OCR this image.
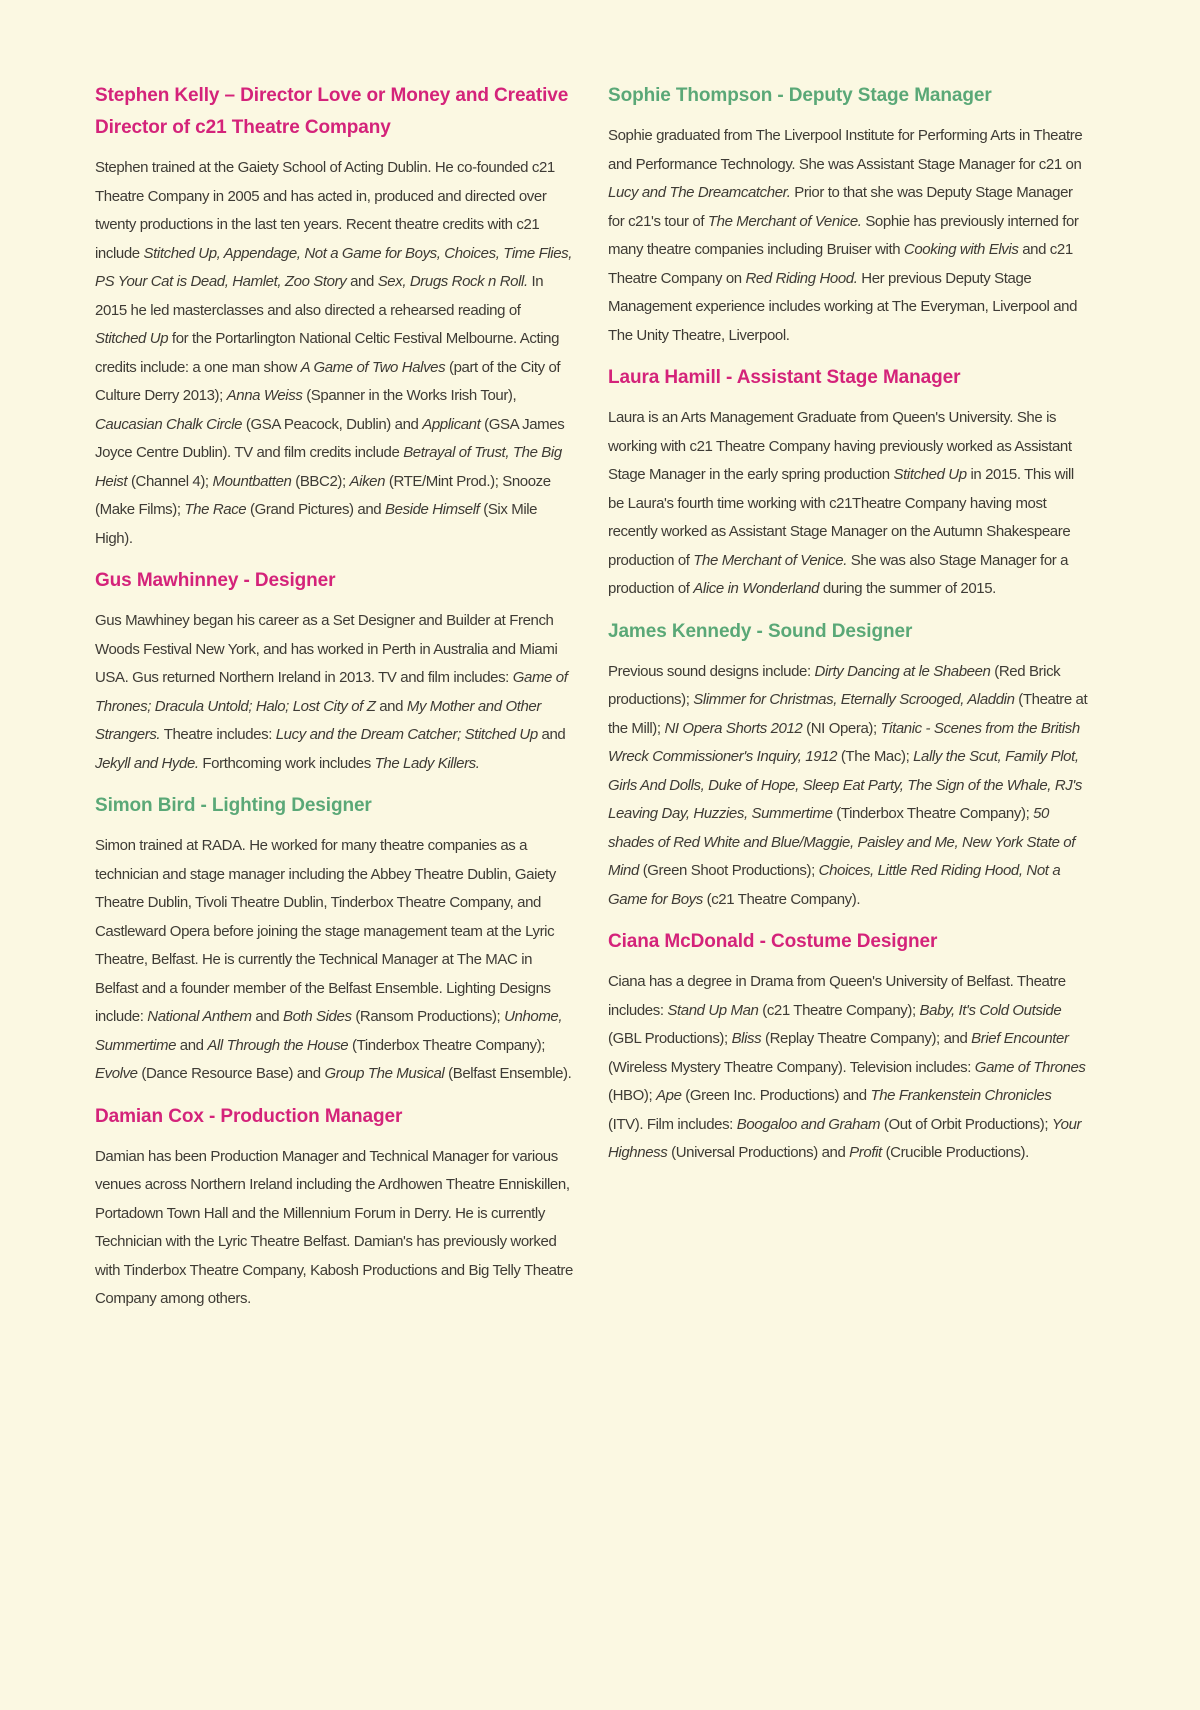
Stephen Kelly – Director Love or Money and Creative Director of c21 Theatre Company

Stephen trained at the Gaiety School of Acting Dublin. He co-founded c21 Theatre Company in 2005 and has acted in, produced and directed over twenty productions in the last ten years. Recent theatre credits with c21 include Stitched Up, Appendage, Not a Game for Boys, Choices, Time Flies, PS Your Cat is Dead, Hamlet, Zoo Story and Sex, Drugs Rock n Roll. In 2015 he led masterclasses and also directed a rehearsed reading of Stitched Up for the Portarlington National Celtic Festival Melbourne. Acting credits include: a one man show A Game of Two Halves (part of the City of Culture Derry 2013); Anna Weiss (Spanner in the Works Irish Tour), Caucasian Chalk Circle (GSA Peacock, Dublin) and Applicant (GSA James Joyce Centre Dublin). TV and film credits include Betrayal of Trust, The Big Heist (Channel 4); Mountbatten (BBC2); Aiken (RTE/Mint Prod.); Snooze (Make Films); The Race (Grand Pictures) and Beside Himself (Six Mile High).

Gus Mawhinney - Designer

Gus Mawhiney began his career as a Set Designer and Builder at French Woods Festival New York, and has worked in Perth in Australia and Miami USA. Gus returned Northern Ireland in 2013. TV and film includes: Game of Thrones; Dracula Untold; Halo; Lost City of Z and My Mother and Other Strangers. Theatre includes: Lucy and the Dream Catcher; Stitched Up and Jekyll and Hyde. Forthcoming work includes The Lady Killers.

Simon Bird - Lighting Designer

Simon trained at RADA. He worked for many theatre companies as a technician and stage manager including the Abbey Theatre Dublin, Gaiety Theatre Dublin, Tivoli Theatre Dublin, Tinderbox Theatre Company, and Castleward Opera before joining the stage management team at the Lyric Theatre, Belfast. He is currently the Technical Manager at The MAC in Belfast and a founder member of the Belfast Ensemble. Lighting Designs include: National Anthem and Both Sides (Ransom Productions); Unhome, Summertime and All Through the House (Tinderbox Theatre Company); Evolve (Dance Resource Base) and Group The Musical (Belfast Ensemble).

Damian Cox - Production Manager

Damian has been Production Manager and Technical Manager for various venues across Northern Ireland including the Ardhowen Theatre Enniskillen, Portadown Town Hall and the Millennium Forum in Derry. He is currently Technician with the Lyric Theatre Belfast. Damian's has previously worked with Tinderbox Theatre Company, Kabosh Productions and Big Telly Theatre Company among others.

Sophie Thompson - Deputy Stage Manager

Sophie graduated from The Liverpool Institute for Performing Arts in Theatre and Performance Technology. She was Assistant Stage Manager for c21 on Lucy and The Dreamcatcher. Prior to that she was Deputy Stage Manager for c21's tour of The Merchant of Venice. Sophie has previously interned for many theatre companies including Bruiser with Cooking with Elvis and c21 Theatre Company on Red Riding Hood. Her previous Deputy Stage Management experience includes working at The Everyman, Liverpool and The Unity Theatre, Liverpool.

Laura Hamill - Assistant Stage Manager

Laura is an Arts Management Graduate from Queen's University. She is working with c21 Theatre Company having previously worked as Assistant Stage Manager in the early spring production Stitched Up in 2015. This will be Laura's fourth time working with c21Theatre Company having most recently worked as Assistant Stage Manager on the Autumn Shakespeare production of The Merchant of Venice. She was also Stage Manager for a production of Alice in Wonderland during the summer of 2015.

James Kennedy - Sound Designer

Previous sound designs include: Dirty Dancing at le Shabeen (Red Brick productions); Slimmer for Christmas, Eternally Scrooged, Aladdin (Theatre at the Mill); NI Opera Shorts 2012 (NI Opera); Titanic - Scenes from the British Wreck Commissioner's Inquiry, 1912 (The Mac); Lally the Scut, Family Plot, Girls And Dolls, Duke of Hope, Sleep Eat Party, The Sign of the Whale, RJ's Leaving Day, Huzzies, Summertime (Tinderbox Theatre Company); 50 shades of Red White and Blue/Maggie, Paisley and Me, New York State of Mind (Green Shoot Productions); Choices, Little Red Riding Hood, Not a Game for Boys (c21 Theatre Company).

Ciana McDonald - Costume Designer

Ciana has a degree in Drama from Queen's University of Belfast. Theatre includes: Stand Up Man (c21 Theatre Company); Baby, It's Cold Outside (GBL Productions); Bliss (Replay Theatre Company); and Brief Encounter (Wireless Mystery Theatre Company). Television includes: Game of Thrones (HBO); Ape (Green Inc. Productions) and The Frankenstein Chronicles (ITV). Film includes: Boogaloo and Graham (Out of Orbit Productions); Your Highness (Universal Productions) and Profit (Crucible Productions).
